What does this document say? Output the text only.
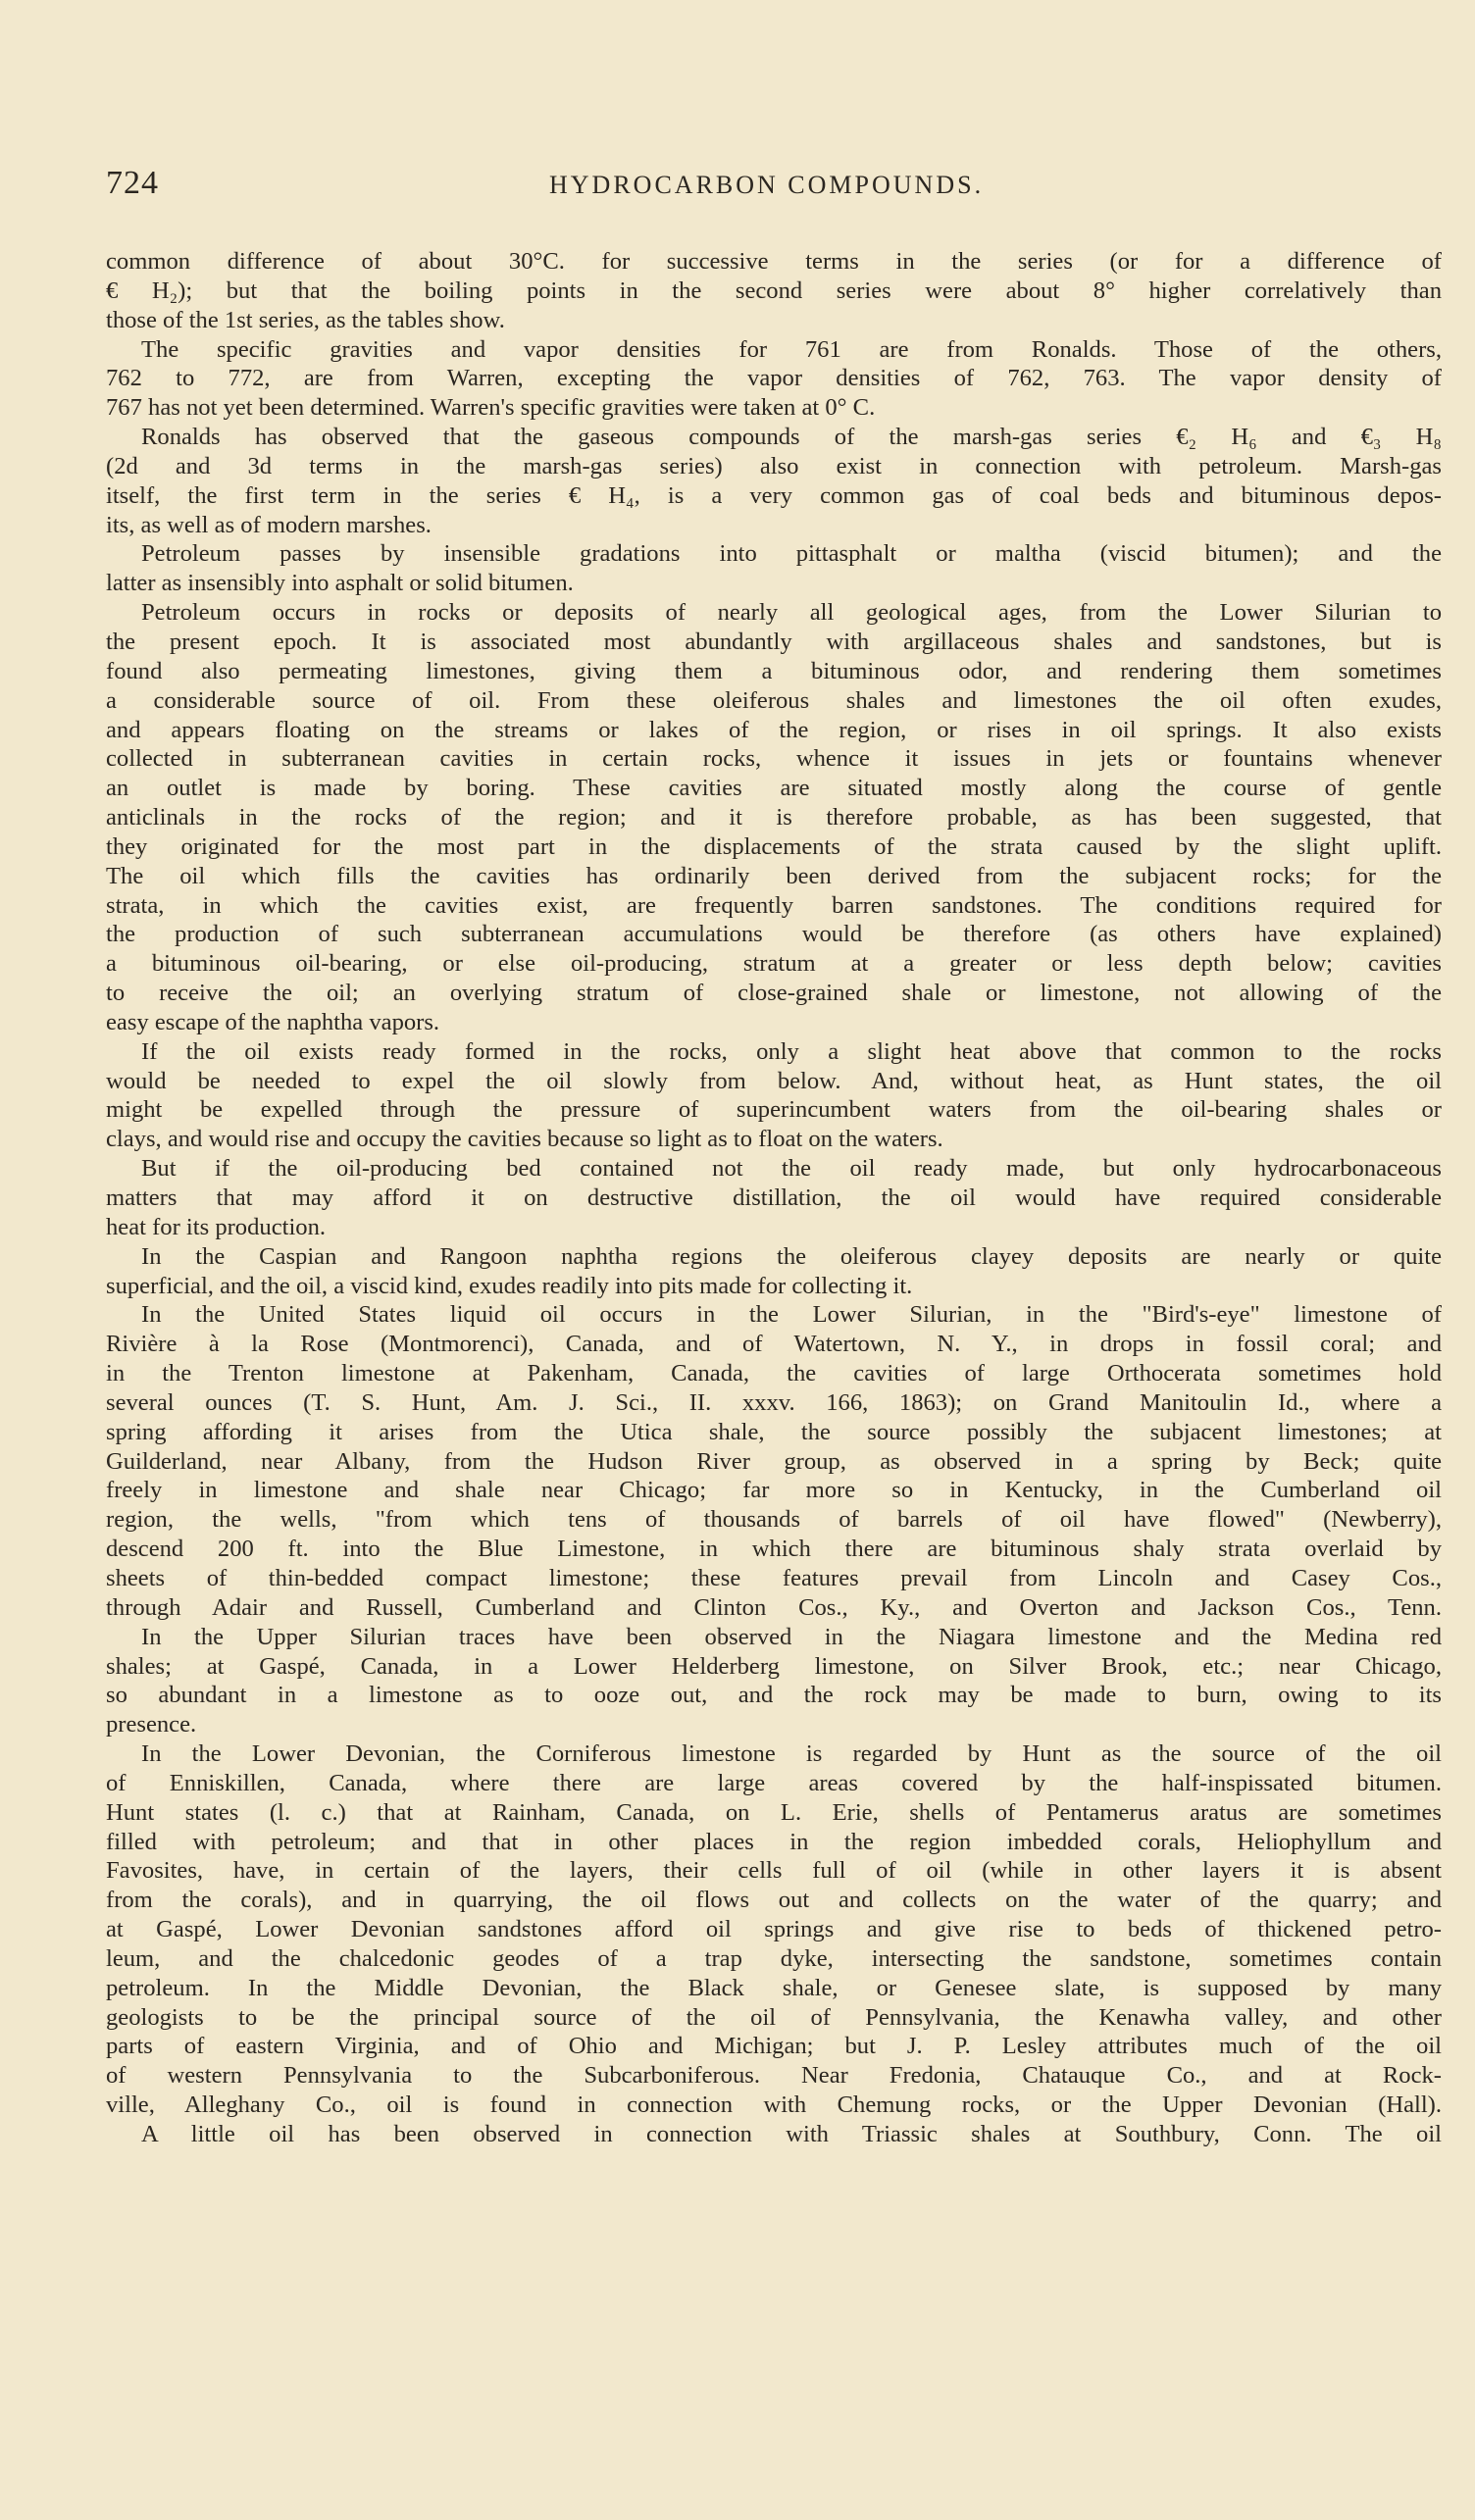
724	HYDROCARBON COMPOUNDS.
common difference of about 30°C. for successive terms in the series (or for a difference of
€ H₂); but that the boiling points in the second series were about 8° higher correlatively than
those of the 1st series, as the tables show.
The specific gravities and vapor densities for 761 are from Ronalds. Those of the others,
762 to 772, are from Warren, excepting the vapor densities of 762, 763. The vapor density of
767 has not yet been determined. Warren's specific gravities were taken at 0° C.
Ronalds has observed that the gaseous compounds of the marsh-gas series €₂ H₆ and €₃ H₈
(2d and 3d terms in the marsh-gas series) also exist in connection with petroleum. Marsh-gas
itself, the first term in the series € H₄, is a very common gas of coal beds and bituminous depos-
its, as well as of modern marshes.
Petroleum passes by insensible gradations into pittasphalt or maltha (viscid bitumen); and the
latter as insensibly into asphalt or solid bitumen.
Petroleum occurs in rocks or deposits of nearly all geological ages, from the Lower Silurian to
the present epoch. It is associated most abundantly with argillaceous shales and sandstones, but is
found also permeating limestones, giving them a bituminous odor, and rendering them sometimes
a considerable source of oil. From these oleiferous shales and limestones the oil often exudes,
and appears floating on the streams or lakes of the region, or rises in oil springs. It also exists
collected in subterranean cavities in certain rocks, whence it issues in jets or fountains whenever
an outlet is made by boring. These cavities are situated mostly along the course of gentle
anticlinals in the rocks of the region; and it is therefore probable, as has been suggested, that
they originated for the most part in the displacements of the strata caused by the slight uplift.
The oil which fills the cavities has ordinarily been derived from the subjacent rocks; for the
strata, in which the cavities exist, are frequently barren sandstones. The conditions required for
the production of such subterranean accumulations would be therefore (as others have explained)
a bituminous oil-bearing, or else oil-producing, stratum at a greater or less depth below; cavities
to receive the oil; an overlying stratum of close-grained shale or limestone, not allowing of the
easy escape of the naphtha vapors.
If the oil exists ready formed in the rocks, only a slight heat above that common to the rocks
would be needed to expel the oil slowly from below. And, without heat, as Hunt states, the oil
might be expelled through the pressure of superincumbent waters from the oil-bearing shales or
clays, and would rise and occupy the cavities because so light as to float on the waters.
But if the oil-producing bed contained not the oil ready made, but only hydrocarbonaceous
matters that may afford it on destructive distillation, the oil would have required considerable
heat for its production.
In the Caspian and Rangoon naphtha regions the oleiferous clayey deposits are nearly or quite
superficial, and the oil, a viscid kind, exudes readily into pits made for collecting it.
In the United States liquid oil occurs in the Lower Silurian, in the "Bird's-eye" limestone of
Rivière à la Rose (Montmorenci), Canada, and of Watertown, N. Y., in drops in fossil coral; and
in the Trenton limestone at Pakenham, Canada, the cavities of large Orthocerata sometimes hold
several ounces (T. S. Hunt, Am. J. Sci., II. xxxv. 166, 1863); on Grand Manitoulin Id., where a
spring affording it arises from the Utica shale, the source possibly the subjacent limestones; at
Guilderland, near Albany, from the Hudson River group, as observed in a spring by Beck; quite
freely in limestone and shale near Chicago; far more so in Kentucky, in the Cumberland oil
region, the wells, "from which tens of thousands of barrels of oil have flowed" (Newberry),
descend 200 ft. into the Blue Limestone, in which there are bituminous shaly strata overlaid by
sheets of thin-bedded compact limestone; these features prevail from Lincoln and Casey Cos.,
through Adair and Russell, Cumberland and Clinton Cos., Ky., and Overton and Jackson Cos., Tenn.
In the Upper Silurian traces have been observed in the Niagara limestone and the Medina red
shales; at Gaspé, Canada, in a Lower Helderberg limestone, on Silver Brook, etc.; near Chicago,
so abundant in a limestone as to ooze out, and the rock may be made to burn, owing to its
presence.
In the Lower Devonian, the Corniferous limestone is regarded by Hunt as the source of the oil
of Enniskillen, Canada, where there are large areas covered by the half-inspissated bitumen.
Hunt states (l. c.) that at Rainham, Canada, on L. Erie, shells of Pentamerus aratus are sometimes
filled with petroleum; and that in other places in the region imbedded corals, Heliophyllum and
Favosites, have, in certain of the layers, their cells full of oil (while in other layers it is absent
from the corals), and in quarrying, the oil flows out and collects on the water of the quarry; and
at Gaspé, Lower Devonian sandstones afford oil springs and give rise to beds of thickened petro-
leum, and the chalcedonic geodes of a trap dyke, intersecting the sandstone, sometimes contain
petroleum. In the Middle Devonian, the Black shale, or Genesee slate, is supposed by many
geologists to be the principal source of the oil of Pennsylvania, the Kenawha valley, and other
parts of eastern Virginia, and of Ohio and Michigan; but J. P. Lesley attributes much of the oil
of western Pennsylvania to the Subcarboniferous. Near Fredonia, Chatauque Co., and at Rock-
ville, Alleghany Co., oil is found in connection with Chemung rocks, or the Upper Devonian (Hall).
A little oil has been observed in connection with Triassic shales at Southbury, Conn. The oil
